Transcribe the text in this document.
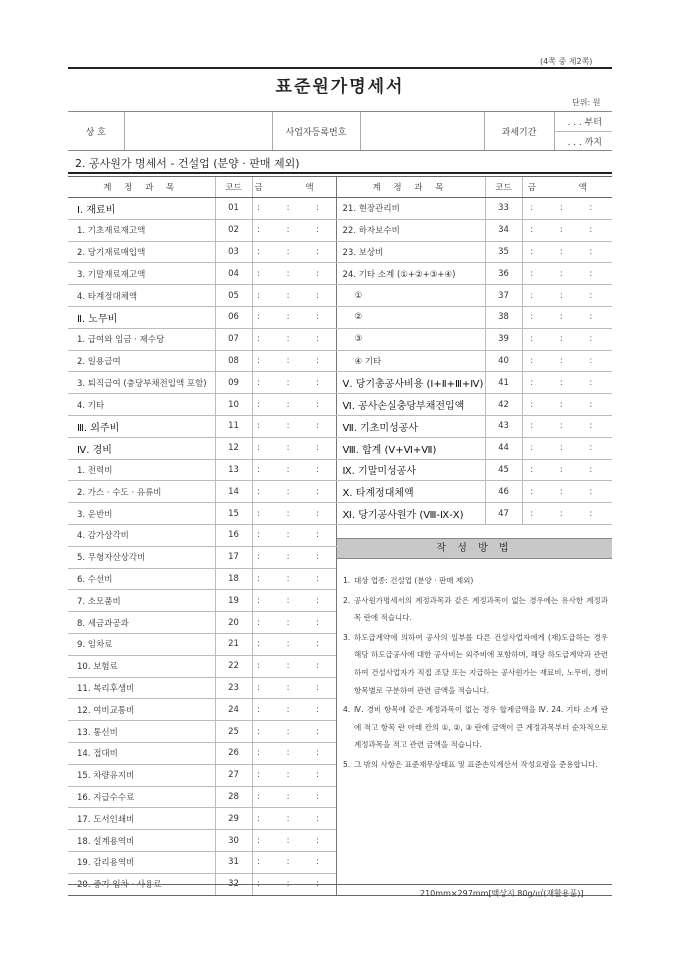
(4쪽 중 제2쪽)
표준원가명세서
단위: 원
상 호		사업자등록번호		과세기간	. . . 부터
. . . 까지
2. 공사원가 명세서 - 건설업 (분양 · 판매 제외)
계 정 과 목	코드	금 액	계 정 과 목	코드	금 액
Ⅰ. 재료비	01	: : :	21. 현장관리비	33	: : :
1. 기초재료재고액	02	: : :	22. 하자보수비	34	: : :
2. 당기재료매입액	03	: : :	23. 보상비	35	: : :
3. 기말재료재고액	04	: : :	24. 기타 소계 (①+②+③+④)	36	: : :
4. 타계정대체액	05	: : :	①	37	: : :
Ⅱ. 노무비	06	: : :	②	38	: : :
1. 급여와 임금 · 제수당	07	: : :	③	39	: : :
2. 일용급여	08	: : :	④ 기타	40	: : :
3. 퇴직급여 (충당부채전입액 포함)	09	: : :	Ⅴ. 당기총공사비용 (Ⅰ+Ⅱ+Ⅲ+Ⅳ)	41	: : :
4. 기타	10	: : :	Ⅵ. 공사손실충당부채전입액	42	: : :
Ⅲ. 외주비	11	: : :	Ⅶ. 기초미성공사	43	: : :
Ⅳ. 경비	12	: : :	Ⅷ. 합계 (Ⅴ+Ⅵ+Ⅶ)	44	: : :
1. 전력비	13	: : :	Ⅸ. 기말미성공사	45	: : :
2. 가스 · 수도 · 유류비	14	: : :	Ⅹ. 타계정대체액	46	: : :
3. 운반비	15	: : :	Ⅺ. 당기공사원가 (Ⅷ-Ⅸ-Ⅹ)	47	: : :
4. 감가상각비	16	: : :			
5. 무형자산상각비	17	: : :			
6. 수선비	18	: : :			
7. 소모품비	19	: : :			
8. 세금과공과	20	: : :			
9. 임차료	21	: : :			
10. 보험료	22	: : :			
11. 복리후생비	23	: : :			
12. 여비교통비	24	: : :			
13. 통신비	25	: : :			
14. 접대비	26	: : :			
15. 차량유지비	27	: : :			
16. 지급수수료	28	: : :			
17. 도서인쇄비	29	: : :			
18. 설계용역비	30	: : :			
19. 감리용역비	31	: : :			
20. 중기 임차 · 사용료	32	: : :			
작 성 방 법
1. 대상 업종: 건설업 (분양 · 판매 제외)
2. 공사원가명세서의 계정과목과 같은 계정과목이 없는 경우에는 유사한 계정과목 란에 적습니다.
3. 하도급계약에 의하여 공사의 일부를 다른 건설사업자에게 (재)도급하는 경우 해당 하도급공사에 대한 공사비는 외주비에 포함하며, 해당 하도급계약과 관련하여 건설사업자가 직접 조달 또는 지급하는 공사원가는 재료비, 노무비, 경비 항목별로 구분하여 관련 금액을 적습니다.
4. Ⅳ. 경비 항목에 같은 계정과목이 없는 경우 합계금액을 Ⅳ. 24. 기타 소계 란에 적고 항목 란 아래 칸의 ①, ②, ③ 란에 금액이 큰 계정과목부터 순차적으로 계정과목을 적고 관련 금액을 적습니다.
5. 그 밖의 사항은 표준재무상태표 및 표준손익계산서 작성요령을 준용합니다.
210mm×297mm[백상지 80g/㎡(재활용품)]
